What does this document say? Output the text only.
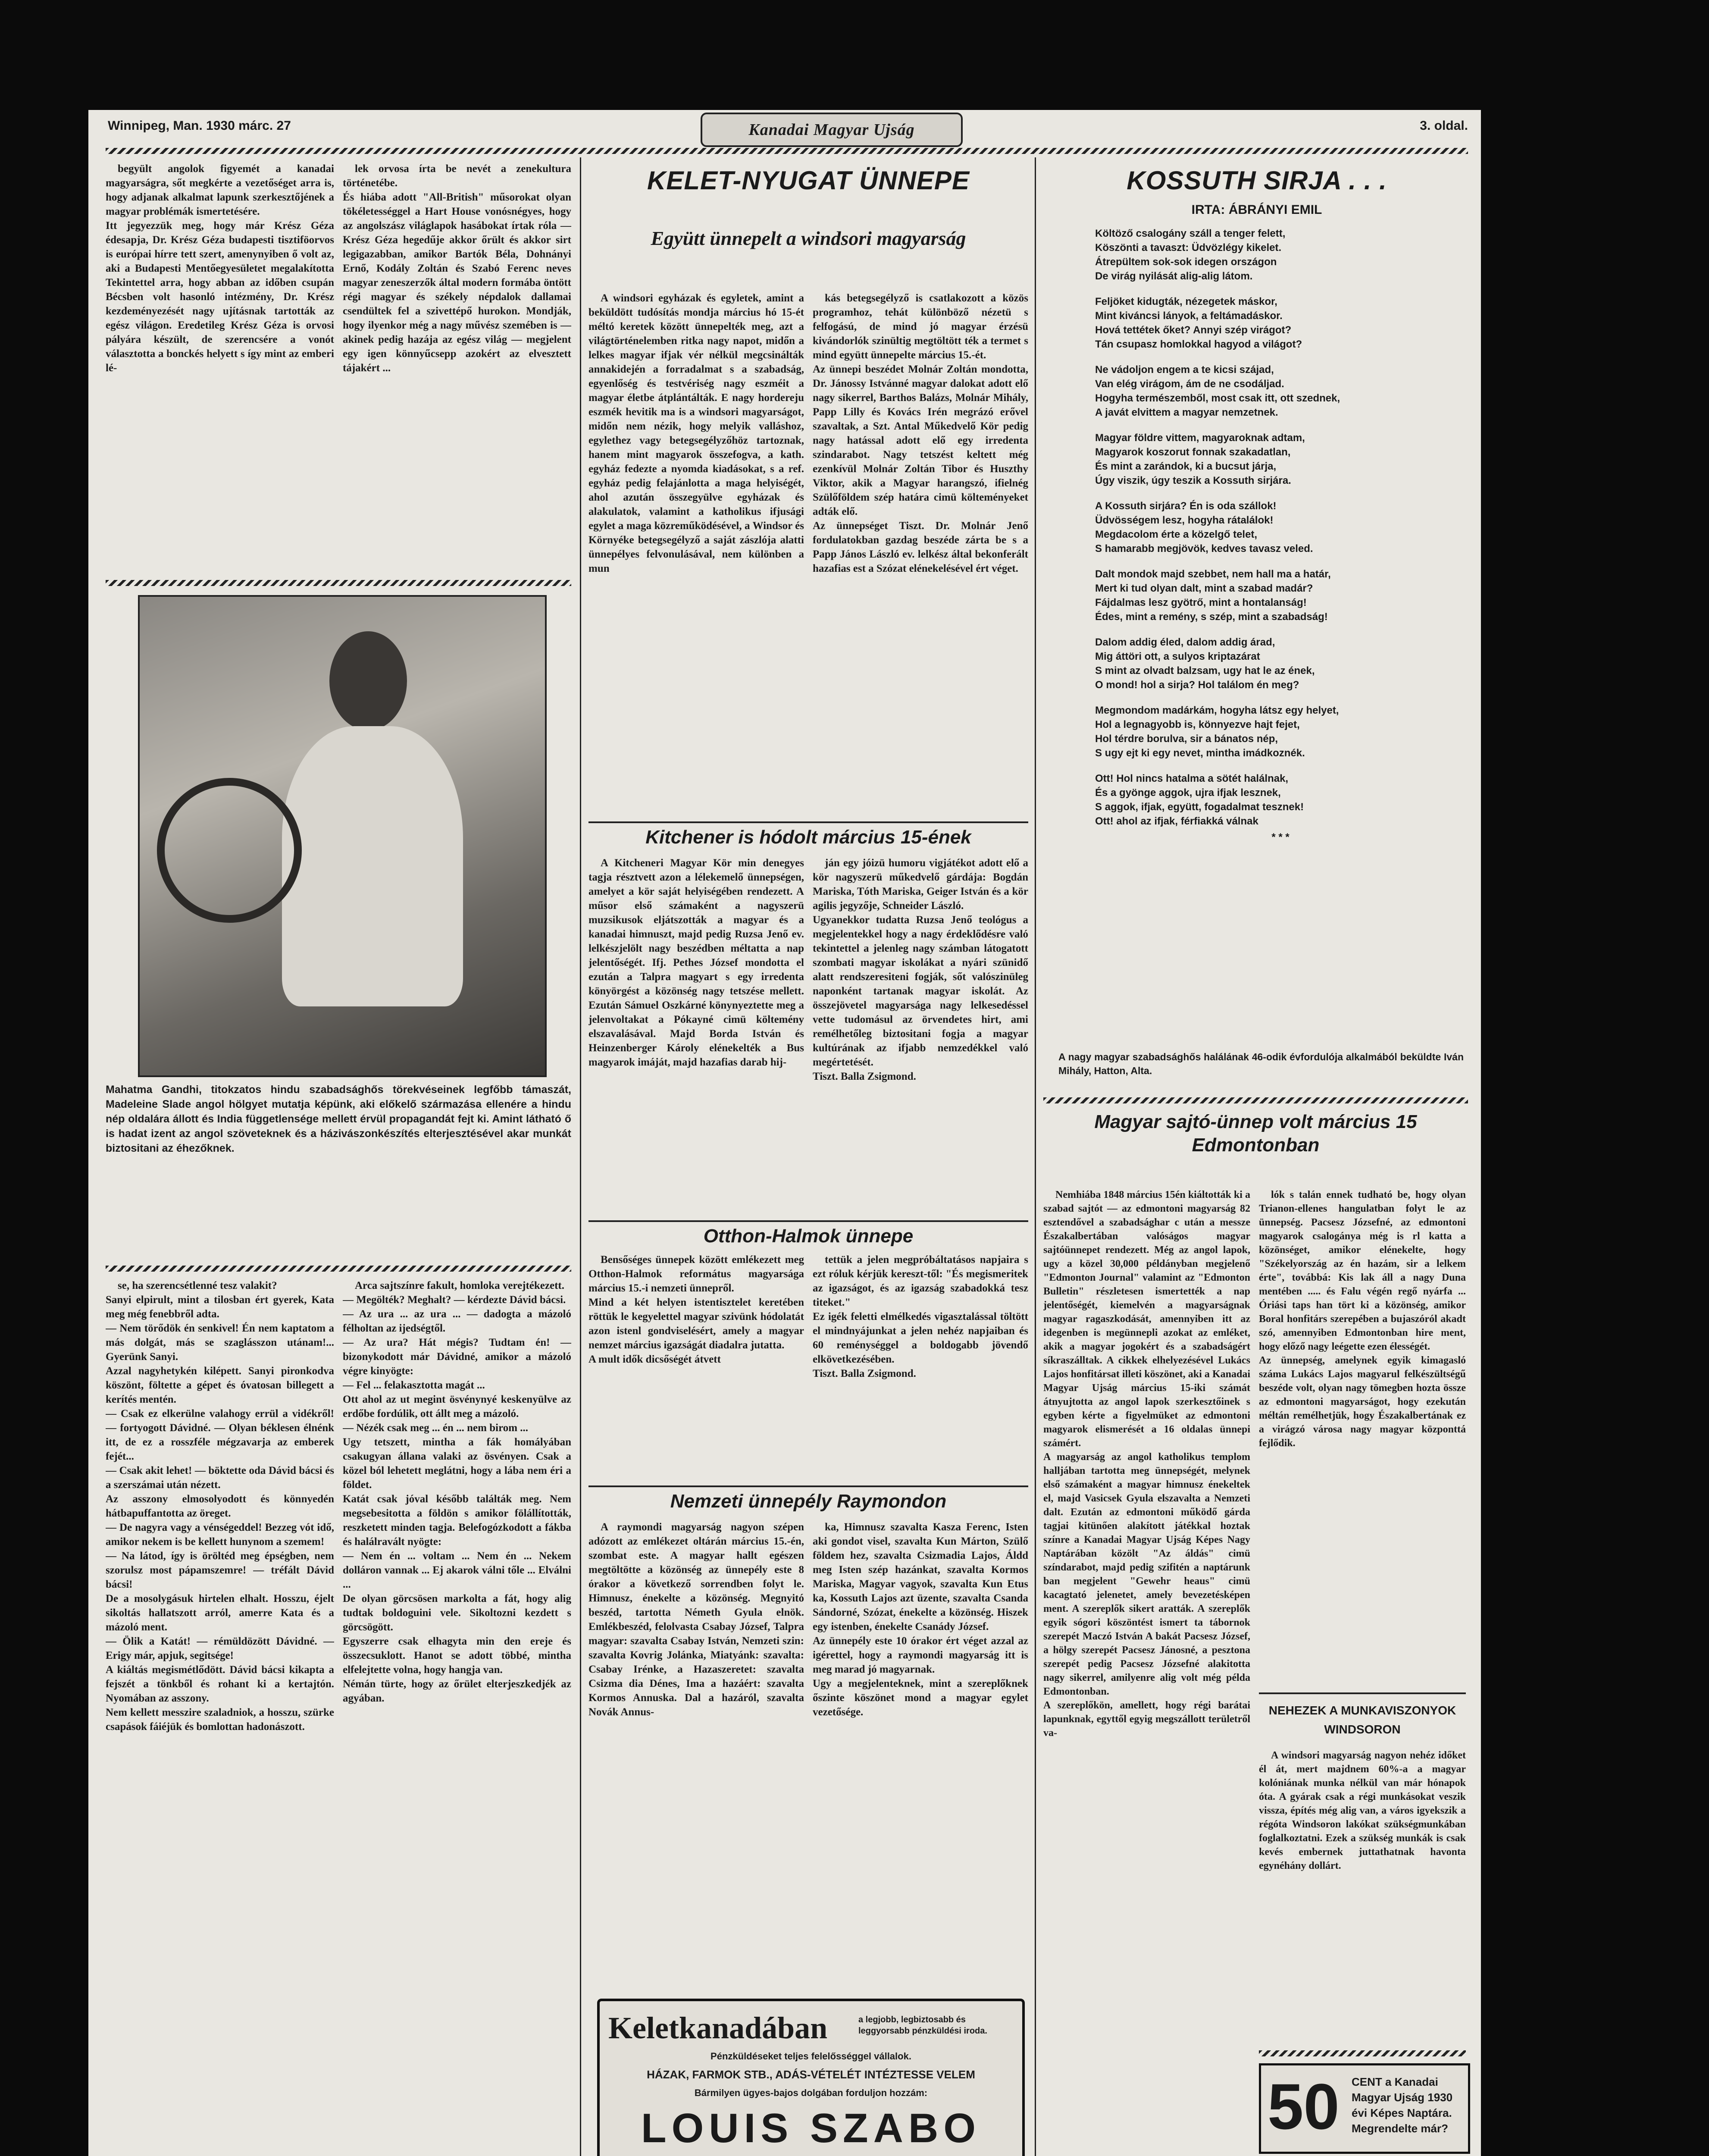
Winnipeg, Man. 1930 márc. 27	Kanadai Magyar Ujság	3. oldal.

begyült angolok figyemét a kanadai magyarságra, sőt megkérte a vezetőséget arra is, hogy adjanak alkalmat lapunk szerkesztőjének a magyar problémák ismertetésére.
Itt jegyezzük meg, hogy már Krész Géza édesapja, Dr. Krész Géza budapesti tisztiföorvos is európai hírre tett szert, amenynyiben ő volt az, aki a Budapesti Mentőegyesületet megalakította Tekintettel arra, hogy abban az időben csupán Bécsben volt hasonló intézmény, Dr. Krész kezdeményezését nagy ujításnak tartották az egész világon. Eredetileg Krész Géza is orvosi pályára készült, de szerencsére a vonót választotta a bonckés helyett s így mint az emberi lé-

lek orvosa írta be nevét a zenekultura történetébe.
És hiába adott "All-British" műsorokat olyan tökéletességgel a Hart House vonósnégyes, hogy az angolszász világlapok hasábokat írtak róla — Krész Géza hegedűje akkor őrült és akkor sirt legigazabban, amikor Bartók Béla, Dohnányi Ernő, Kodály Zoltán és Szabó Ferenc neves magyar zeneszerzők által modern formába öntött régi magyar és székely népdalok dallamai csendültek fel a szivettépő hurokon. Mondják, hogy ilyenkor még a nagy művész szemében is — akinek pedig hazája az egész világ — megjelent egy igen könnyűcsepp azokért az elvesztett tájakért ...

Mahatma Gandhi, titokzatos hindu szabadsághős törekvéseinek legfőbb támaszát, Madeleine Slade angol hölgyet mutatja képünk, aki előkelő származása ellenére a hindu nép oldalára állott és India függetlensége mellett érvül propagandát fejt ki. Amint látható ő is hadat izent az angol szöveteknek és a házivászonkészítés elterjesztésével akar munkát biztositani az éhezőknek.

se, ha szerencsétlenné tesz valakit?
Sanyi elpirult, mint a tilosban ért gyerek, Kata meg még fenebbről adta.
— Nem törődök én senkivel! Én nem kaptatom a más dolgát, más se szaglásszon utánam!... Gyerünk Sanyi.
Azzal nagyhetykén kilépett. Sanyi pironkodva köszönt, föltette a gépet és óvatosan billegett a kerítés mentén.
— Csak ez elkerülne valahogy errül a vidékről! — fortyogott Dávidné. — Olyan béklesen élnénk itt, de ez a rosszféle mégzavarja az emberek fejét...
— Csak akit lehet! — böktette oda Dávid bácsi és a szerszámai után nézett.
Az asszony elmosolyodott és könnyedén hátbapuffantotta az öreget.
— De nagyra vagy a vénségeddel! Bezzeg vót idő, amikor nekem is be kellett hunynom a szemem!
— Na látod, így is öröltéd meg épségben, nem szorulsz most pápamszemre! — tréfált Dávid bácsi!
De a mosolygásuk hirtelen elhalt. Hosszu, éjelt sikoltás hallatszott arról, amerre Kata és a mázoló ment.
— Ölik a Katát! — rémüldözött Dávidné. — Erigy már, apjuk, segitsége!
A kiáltás megismétlődött. Dávid bácsi kikapta a fejszét a tönkből és rohant ki a kertajtón. Nyomában az asszony.
Nem kellett messzire szaladniok, a hosszu, szürke csapások fáiéjük és bomlottan hadonászott.

Arca sajtszínre fakult, homloka verejtékezett.
— Megölték? Meghalt? — kérdezte Dávid bácsi.
— Az ura ... az ura ... — dadogta a mázoló félholtan az ijedségtől.
— Az ura? Hát mégis? Tudtam én! — bizonykodott már Dávidné, amikor a mázoló végre kinyögte:
— Fel ... felakasztotta magát ...
Ott ahol az ut megint ösvénynyé keskenyülve az erdőbe fordúlik, ott állt meg a mázoló.
— Nézék csak meg ... én ... nem birom ...
Ugy tetszett, mintha a fák homályában csakugyan állana valaki az ösvényen. Csak a közel ból lehetett meglátni, hogy a lába nem éri a földet.
Katát csak jóval később találták meg. Nem megsebesitotta a földön s amikor fölállították, reszketett minden tagja. Belefogózkodott a fákba és halálravált nyögte:
— Nem én ... voltam ... Nem én ... Nekem dolláron vannak ... Ej akarok válni tőle ... Elválni ...
De olyan görcsösen markolta a fát, hogy alig tudtak boldoguini vele. Sikoltozni kezdett s görcsögött.
Egyszerre csak elhagyta min den ereje és összecsuklott. Hanot se adott többé, mintha elfelejtette volna, hogy hangja van.
Némán türte, hogy az őrület elterjeszkedjék az agyában.

KELET-NYUGAT ÜNNEPE
Együtt ünnepelt a windsori magyarság

A windsori egyházak és egyletek, amint a beküldött tudósítás mondja március hó 15-ét méltó keretek között ünnepelték meg, azt a világtörténelemben ritka nagy napot, midőn a lelkes magyar ifjak vér nélkül megcsinálták annakidején a forradalmat s a szabadság, egyenlőség és testvériség nagy eszméit a magyar életbe átplántálták. E nagy hordereju eszmék hevitik ma is a windsori magyarságot, midőn nem nézik, hogy melyik valláshoz, egylethez vagy betegsegélyzőhöz tartoznak, hanem mint magyarok összefogva, a kath. egyház fedezte a nyomda kiadásokat, s a ref. egyház pedig felajánlotta a maga helyiségét, ahol azután összegyülve egyházak és alakulatok, valamint a katholikus ifjusági egylet a maga közreműködésével, a Windsor és Környéke betegsegélyző a saját zászlója alatti ünnepélyes felvonulásával, nem különben a mun

kás betegsegélyző is csatlakozott a közös programhoz, tehát különböző nézetü s felfogású, de mind jó magyar érzésü kivándorlók szinültig megtöltött ték a termet s mind együtt ünnepelte március 15.-ét.
Az ünnepi beszédet Molnár Zoltán mondotta, Dr. Jánossy Istvánné magyar dalokat adott elő nagy sikerrel, Barthos Balázs, Molnár Mihály, Papp Lilly és Kovács Irén megrázó erővel szavaltak, a Szt. Antal Műkedvelő Kör pedig nagy hatással adott elő egy irredenta szindarabot. Nagy tetszést keltett még ezenkívül Molnár Zoltán Tibor és Huszthy Viktor, akik a Magyar harangszó, ifielnég Szülőföldem szép határa cimü költeményeket adták elő.
Az ünnepséget Tiszt. Dr. Molnár Jenő fordulatokban gazdag beszéde zárta be s a Papp János László ev. lelkész által bekonferált hazafias est a Szózat elénekelésével ért véget.

Kitchener is hódolt március 15-ének

A Kitcheneri Magyar Kör min denegyes tagja résztvett azon a lélekemelő ünnepségen, amelyet a kör saját helyiségében rendezett. A műsor első számaként a nagyszerü muzsikusok eljátszották a magyar és a kanadai himnuszt, majd pedig Ruzsa Jenő ev. lelkészjelölt nagy beszédben méltatta a nap jelentőségét. Ifj. Pethes József mondotta el ezután a Talpra magyart s egy irredenta könyörgést a közönség nagy tetszése mellett. Ezután Sámuel Oszkárné könynyeztette meg a jelenvoltakat a Pókayné cimü költemény elszavalásával. Majd Borda István és Heinzenberger Károly elénekelték a Bus magyarok imáját, majd hazafias darab hij-

ján egy jóizü humoru vigjátékot adott elő a kör nagyszerü műkedvelő gárdája: Bogdán Mariska, Tóth Mariska, Geiger István és a kör agilis jegyzője, Schneider László.
Ugyanekkor tudatta Ruzsa Jenő teológus a megjelentekkel hogy a nagy érdeklődésre való tekintettel a jelenleg nagy számban látogatott szombati magyar iskolákat a nyári szünidő alatt rendszeresiteni fogják, sőt valószinüleg naponként tartanak magyar iskolát. Az összejövetel magyarsága nagy lelkesedéssel vette tudomásul az örvendetes hirt, ami remélhetőleg biztositani fogja a magyar kultúrának az ifjabb nemzedékkel való megértetését.
Tiszt. Balla Zsigmond.

Otthon-Halmok ünnepe

Bensőséges ünnepek között emlékezett meg Otthon-Halmok református magyarsága március 15.-i nemzeti ünnepről.
Mind a két helyen istentisztelet keretében röttük le kegyelettel magyar szivünk hódolatát azon istenl gondviselésért, amely a magyar nemzet március igazságát diadalra jutatta.
A mult idők dicsőségét átvett

tettük a jelen megpróbáltatásos napjaira s ezt róluk kérjük kereszt-től: "És megismeritek az igazságot, és az igazság szabadokká tesz titeket."
Ez igék feletti elmélkedés vigasztalással töltött el mindnyájunkat a jelen nehéz napjaiban és 60 reménységgel a boldogabb jövendő elkövetkezésében.
Tiszt. Balla Zsigmond.

Nemzeti ünnepély Raymondon

A raymondi magyarság nagyon szépen adózott az emlékezet oltárán március 15.-én, szombat este. A magyar hallt egészen megtöltötte a közönség az ünnepély este 8 órakor a következő sorrendben folyt le. Himnusz, énekelte a közönség. Megnyitó beszéd, tartotta Németh Gyula elnök. Emlékbeszéd, felolvasta Csabay József, Talpra magyar: szavalta Csabay István, Nemzeti szin: szavalta Kovrig Jolánka, Miatyánk: szavalta: Csabay Irénke, a Hazaszeretet: szavalta Csizma dia Dénes, Ima a hazáért: szavalta Kormos Annuska. Dal a hazáról, szavalta Novák Annus-

ka, Himnusz szavalta Kasza Ferenc, Isten aki gondot visel, szavalta Kun Márton, Szülő földem hez, szavalta Csizmadia Lajos, Áldd meg Isten szép hazánkat, szavalta Kormos Mariska, Magyar vagyok, szavalta Kun Etus ka, Kossuth Lajos azt üzente, szavalta Csanda Sándorné, Szózat, énekelte a közönség. Hiszek egy istenben, énekelte Csanády József.
Az ünnepély este 10 órakor ért véget azzal az igérettel, hogy a raymondi magyarság itt is meg marad jó magyarnak.
Ugy a megjelenteknek, mint a szereplőknek őszinte köszönet mond a magyar egylet vezetősége.

Keletkanadában	a legjobb, legbiztosabb és leggyorsabb pénzküldési iroda.
Pénzküldéseket teljes felelősséggel vállalok.
HÁZAK, FARMOK STB., ADÁS-VÉTELÉT INTÉZTESSE VELEM
Bármilyen ügyes-bajos dolgában forduljon hozzám:
LOUIS SZABO
KOSSUTH SIRJA . . .
IRTA: ÁBRÁNYI EMIL

Költöző csalogány száll a tenger felett,
Köszönti a tavaszt: Üdvözlégy kikelet.
Átrepültem sok-sok idegen országon
De virág nyilását alig-alig látom.

Feljöket kidugták, nézegetek máskor,
Mint kiváncsi lányok, a feltámadáskor.
Hová tettétek őket? Annyi szép virágot?
Tán csupasz homlokkal hagyod a világot?

Ne vádoljon engem a te kicsi szájad,
Van elég virágom, ám de ne csodáljad.
Hogyha természemből, most csak itt, ott szednek,
A javát elvittem a magyar nemzetnek.

Magyar földre vittem, magyaroknak adtam,
Magyarok koszorut fonnak szakadatlan,
És mint a zarándok, ki a bucsut járja,
Úgy viszik, úgy teszik a Kossuth sirjára.

A Kossuth sirjára? Én is oda szállok!
Üdvösségem lesz, hogyha rátalálok!
Megdacolom érte a közelgő telet,
S hamarabb megjövök, kedves tavasz veled.

Dalt mondok majd szebbet, nem hall ma a határ,
Mert ki tud olyan dalt, mint a szabad madár?
Fájdalmas lesz gyötrő, mint a hontalanság!
Édes, mint a remény, s szép, mint a szabadság!

Dalom addig éled, dalom addig árad,
Mig áttöri ott, a sulyos kriptazárat
S mint az olvadt balzsam, ugy hat le az ének,
O mond! hol a sirja? Hol találom én meg?

Megmondom madárkám, hogyha látsz egy helyet,
Hol a legnagyobb is, könnyezve hajt fejet,
Hol térdre borulva, sir a bánatos nép,
S ugy ejt ki egy nevet, mintha imádkoznék.

Ott! Hol nincs hatalma a sötét halálnak,
És a gyönge aggok, ujra ifjak lesznek,
S aggok, ifjak, együtt, fogadalmat tesznek!
Ott! ahol az ifjak, férfiakká válnak

* * *
A nagy magyar szabadsághős halálának 46-odik évfordulója alkalmából beküldte Iván Mihály, Hatton, Alta.
Magyar sajtó-ünnep volt március 15 Edmontonban

Nemhiába 1848 március 15én kiáltották ki a szabad sajtót — az edmontoni magyarság 82 esztendővel a szabadsághar c után a messze Északalbertában valóságos magyar sajtóünnepet rendezett. Még az angol lapok, ugy a közel 30,000 példányban megjelenő "Edmonton Journal" valamint az "Edmonton Bulletin" részletesen ismertették a nap jelentőségét, kiemelvén a magyarságnak magyar ragaszkodását, amennyiben itt az idegenben is megünnepli azokat az emléket, akik a magyar jogokért és a szabadságért síkraszálltak. A cikkek elhelyezésével Lukács Lajos honfitársat illeti köszönet, aki a Kanadai Magyar Ujság március 15-iki számát átnyujtotta az angol lapok szerkesztőinek s egyben kérte a figyelmüket az edmontoni magyarok elismerését a 16 oldalas ünnepi számért.
A magyarság az angol katholikus templom halljában tartotta meg ünnepségét, melynek első számaként a magyar himnusz énekeltek el, majd Vasicsek Gyula elszavalta a Nemzeti dalt. Ezután az edmontoni működő gárda tagjai kitünően alakított játékkal hoztak színre a Kanadai Magyar Ujság Képes Nagy Naptárában közölt "Az áldás" cimü színdarabot, majd pedig szifitén a naptárunk ban megjelent "Gewehr heaus" cimü kacagtató jelenetet, amely bevezetésképen ment. A szereplők sikert aratták. A szereplők egyik sógori köszöntést ismert ta tábornok szerepét Maczó István A bakát Pacsesz József, a hölgy szerepét Pacsesz Jánosné, a pesztona szerepét pedig Pacsesz Józsefné alakitotta nagy sikerrel, amilyenre alig volt még példa Edmontonban.
A szereplőkön, amellett, hogy régi barátai lapunknak, egyttől egyig megszállott területről va-

lók s talán ennek tudható be, hogy olyan Trianon-ellenes hangulatban folyt le az ünnepség. Pacsesz Józsefné, az edmontoni magyarok csalogánya még is rl katta a közönséget, amikor elénekelte, hogy "Székelyország az én hazám, sir a lelkem érte", továbbá: Kis lak áll a nagy Duna mentében ..... és Falu végén regő nyárfa ... Óriási taps han tört ki a közönség, amikor Boral honfitárs szerepében a bujaszóról akadt szó, amennyiben Edmontonban hire ment, hogy előző nagy leégette ezen élességét.
Az ünnepség, amelynek egyik kimagasló száma Lukács Lajos magyarul felkészültségű beszéde volt, olyan nagy tömegben hozta össze az edmontoni magyarságot, hogy ezekután méltán remélhetjük, hogy Északalbertának ez a virágzó városa nagy magyar központtá fejlődik.

NEHEZEK A MUNKAVISZONYOK WINDSORON

A windsori magyarság nagyon nehéz időket él át, mert majdnem 60%-a a magyar kolóniának munka nélkül van már hónapok óta. A gyárak csak a régi munkásokat veszik vissza, építés még alig van, a város igyekszik a régóta Windsoron lakókat szükségmunkában foglalkoztatni. Ezek a szükség munkák is csak kevés embernek juttathatnak havonta egynéhány dollárt.

50	CENT a Kanadai Magyar Ujság 1930 évi Képes Naptára. Megrendelte már?
